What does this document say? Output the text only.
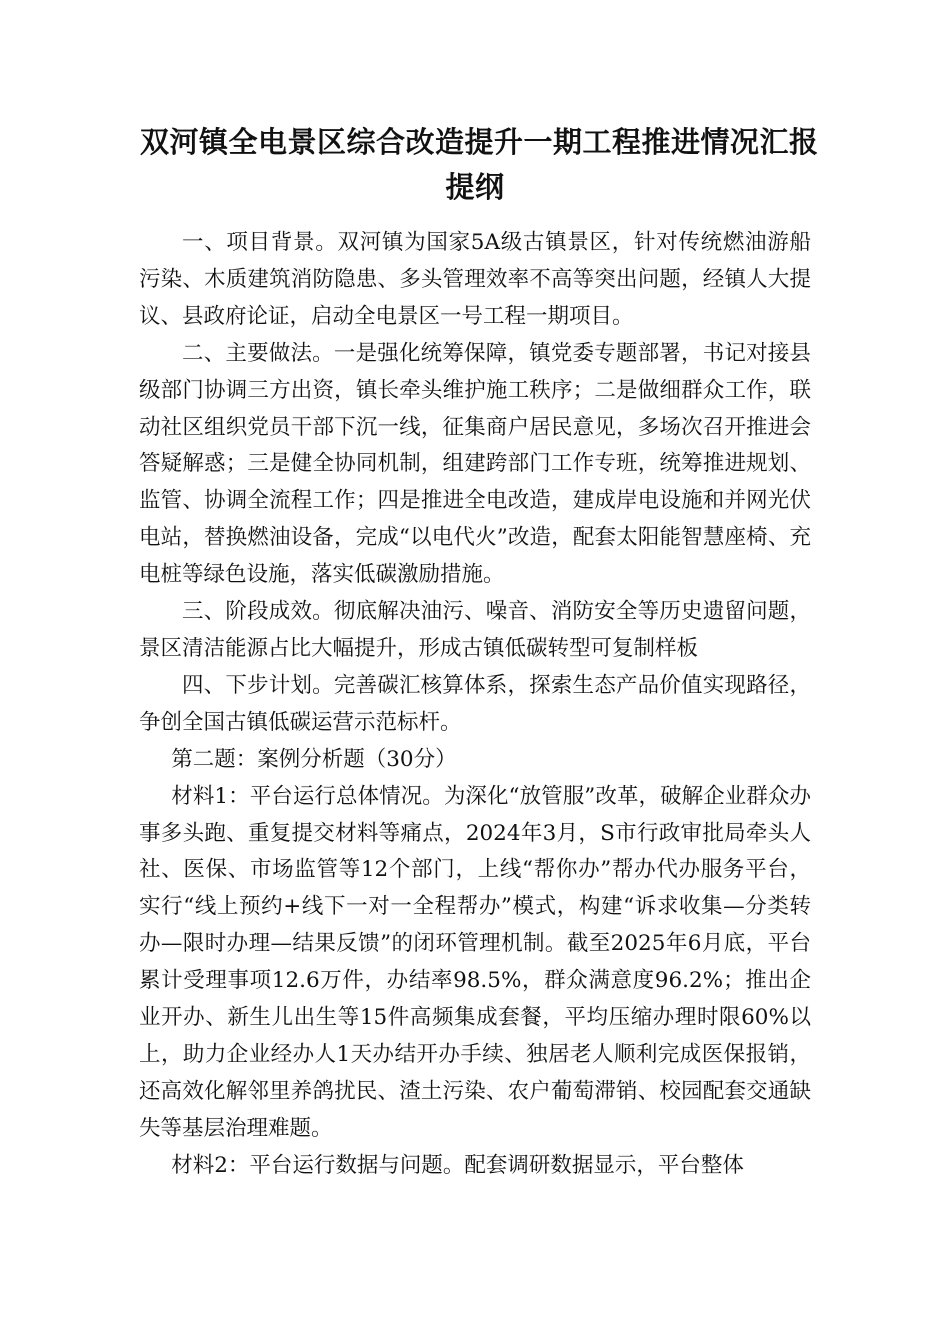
双河镇全电景区综合改造提升一期工程推进情况汇报
提纲

一、项目背景。双河镇为国家5A级古镇景区，针对传统燃油游船污染、木质建筑消防隐患、多头管理效率不高等突出问题，经镇人大提议、县政府论证，启动全电景区一号工程一期项目。

二、主要做法。一是强化统筹保障，镇党委专题部署，书记对接县级部门协调三方出资，镇长牵头维护施工秩序；二是做细群众工作，联动社区组织党员干部下沉一线，征集商户居民意见，多场次召开推进会答疑解惑；三是健全协同机制，组建跨部门工作专班，统筹推进规划、监管、协调全流程工作；四是推进全电改造，建成岸电设施和并网光伏电站，替换燃油设备，完成“以电代火”改造，配套太阳能智慧座椅、充电桩等绿色设施，落实低碳激励措施。

三、阶段成效。彻底解决油污、噪音、消防安全等历史遗留问题，景区清洁能源占比大幅提升，形成古镇低碳转型可复制样板

四、下步计划。完善碳汇核算体系，探索生态产品价值实现路径，争创全国古镇低碳运营示范标杆。

第二题：案例分析题（30分）

材料1：平台运行总体情况。为深化“放管服”改革，破解企业群众办事多头跑、重复提交材料等痛点，2024年3月，S市行政审批局牵头人社、医保、市场监管等12个部门，上线“帮你办”帮办代办服务平台，实行“线上预约+线下一对一全程帮办”模式，构建“诉求收集—分类转办—限时办理—结果反馈”的闭环管理机制。截至2025年6月底，平台累计受理事项12.6万件，办结率98.5%，群众满意度96.2%；推出企业开办、新生儿出生等15件高频集成套餐，平均压缩办理时限60%以上，助力企业经办人1天办结开办手续、独居老人顺利完成医保报销，还高效化解邻里养鸽扰民、渣土污染、农户葡萄滞销、校园配套交通缺失等基层治理难题。

材料2：平台运行数据与问题。配套调研数据显示，平台整体
